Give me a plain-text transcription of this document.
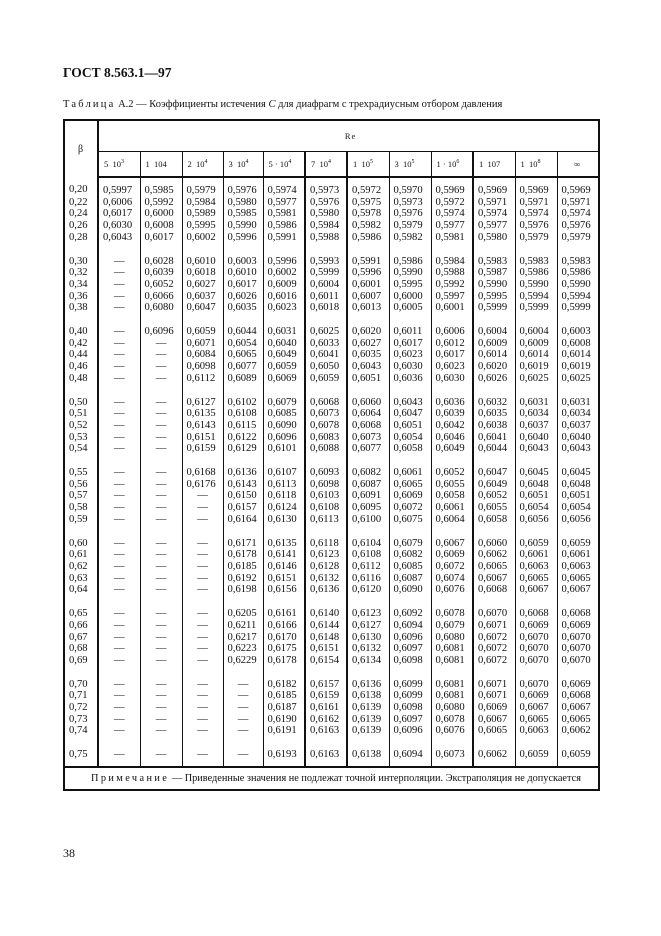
ГОСТ 8.563.1—97
Таблица А.2 — Коэффициенты истечения C для диафрагм с трехрадиусным отбором давления
β	Re											
	5 $10^3$	1 104	2 $10^4$	3 $10^4$	$5 \cdot 10^4$	7 $10^4$	1 $10^5$	3 $10^5$	$1 \cdot 10^6$	1 107	1 $10^8$	∞
0,20	0,5997	0,5985	0,5979	0,5976	0,5974	0,5973	0,5972	0,5970	0,5969	0,5969	0,5969	0,5969
0,22	0,6006	0,5992	0,5984	0,5980	0,5977	0,5976	0,5975	0,5973	0,5972	0,5971	0,5971	0,5971
0,24	0,6017	0,6000	0,5989	0,5985	0,5981	0,5980	0,5978	0,5976	0,5974	0,5974	0,5974	0,5974
0,26	0,6030	0,6008	0,5995	0,5990	0,5986	0,5984	0,5982	0,5979	0,5977	0,5977	0,5976	0,5976
0,28	0,6043	0,6017	0,6002	0,5996	0,5991	0,5988	0,5986	0,5982	0,5981	0,5980	0,5979	0,5979

0,30	—	0,6028	0,6010	0,6003	0,5996	0,5993	0,5991	0,5986	0,5984	0,5983	0,5983	0,5983
0,32	—	0,6039	0,6018	0,6010	0,6002	0,5999	0,5996	0,5990	0,5988	0,5987	0,5986	0,5986
0,34	—	0,6052	0,6027	0,6017	0,6009	0,6004	0,6001	0,5995	0,5992	0,5990	0,5990	0,5990
0,36	—	0,6066	0,6037	0,6026	0,6016	0,6011	0,6007	0,6000	0,5997	0,5995	0,5994	0,5994
0,38	—	0,6080	0,6047	0,6035	0,6023	0,6018	0,6013	0,6005	0,6001	0,5999	0,5999	0,5999

0,40	—	0,6096	0,6059	0,6044	0,6031	0,6025	0,6020	0,6011	0,6006	0,6004	0,6004	0,6003
0,42	—	—	0,6071	0,6054	0,6040	0,6033	0,6027	0,6017	0,6012	0,6009	0,6009	0,6008
0,44	—	—	0,6084	0,6065	0,6049	0,6041	0,6035	0,6023	0,6017	0,6014	0,6014	0,6014
0,46	—	—	0,6098	0,6077	0,6059	0,6050	0,6043	0,6030	0,6023	0,6020	0,6019	0,6019
0,48	—	—	0,6112	0,6089	0,6069	0,6059	0,6051	0,6036	0,6030	0,6026	0,6025	0,6025

0,50	—	—	0,6127	0,6102	0,6079	0,6068	0,6060	0,6043	0,6036	0,6032	0,6031	0,6031
0,51	—	—	0,6135	0,6108	0,6085	0,6073	0,6064	0,6047	0,6039	0,6035	0,6034	0,6034
0,52	—	—	0,6143	0,6115	0,6090	0,6078	0,6068	0,6051	0,6042	0,6038	0,6037	0,6037
0,53	—	—	0,6151	0,6122	0,6096	0,6083	0,6073	0,6054	0,6046	0,6041	0,6040	0,6040
0,54	—	—	0,6159	0,6129	0,6101	0,6088	0,6077	0,6058	0,6049	0,6044	0,6043	0,6043

0,55	—	—	0,6168	0,6136	0,6107	0,6093	0,6082	0,6061	0,6052	0,6047	0,6045	0,6045
0,56	—	—	0,6176	0,6143	0,6113	0,6098	0,6087	0,6065	0,6055	0,6049	0,6048	0,6048
0,57	—	—	—	0,6150	0,6118	0,6103	0,6091	0,6069	0,6058	0,6052	0,6051	0,6051
0,58	—	—	—	0,6157	0,6124	0,6108	0,6095	0,6072	0,6061	0,6055	0,6054	0,6054
0,59	—	—	—	0,6164	0,6130	0,6113	0,6100	0,6075	0,6064	0,6058	0,6056	0,6056

0,60	—	—	—	0,6171	0,6135	0,6118	0,6104	0,6079	0,6067	0,6060	0,6059	0,6059
0,61	—	—	—	0,6178	0,6141	0,6123	0,6108	0,6082	0,6069	0,6062	0,6061	0,6061
0,62	—	—	—	0,6185	0,6146	0,6128	0,6112	0,6085	0,6072	0,6065	0,6063	0,6063
0,63	—	—	—	0,6192	0,6151	0,6132	0,6116	0,6087	0,6074	0,6067	0,6065	0,6065
0,64	—	—	—	0,6198	0,6156	0,6136	0,6120	0,6090	0,6076	0,6068	0,6067	0,6067

0,65	—	—	—	0,6205	0,6161	0,6140	0,6123	0,6092	0,6078	0,6070	0,6068	0,6068
0,66	—	—	—	0,6211	0,6166	0,6144	0,6127	0,6094	0,6079	0,6071	0,6069	0,6069
0,67	—	—	—	0,6217	0,6170	0,6148	0,6130	0,6096	0,6080	0,6072	0,6070	0,6070
0,68	—	—	—	0,6223	0,6175	0,6151	0,6132	0,6097	0,6081	0,6072	0,6070	0,6070
0,69	—	—	—	0,6229	0,6178	0,6154	0,6134	0,6098	0,6081	0,6072	0,6070	0,6070

0,70	—	—	—	—	0,6182	0,6157	0,6136	0,6099	0,6081	0,6071	0,6070	0,6069
0,71	—	—	—	—	0,6185	0,6159	0,6138	0,6099	0,6081	0,6071	0,6069	0,6068
0,72	—	—	—	—	0,6187	0,6161	0,6139	0,6098	0,6080	0,6069	0,6067	0,6067
0,73	—	—	—	—	0,6190	0,6162	0,6139	0,6097	0,6078	0,6067	0,6065	0,6065
0,74	—	—	—	—	0,6191	0,6163	0,6139	0,6096	0,6076	0,6065	0,6063	0,6062

0,75	—	—	—	—	0,6193	0,6163	0,6138	0,6094	0,6073	0,6062	0,6059	0,6059
Примечание — Приведенные значения не подлежат точной интерполяции. Экстраполяция не допускается												
38
